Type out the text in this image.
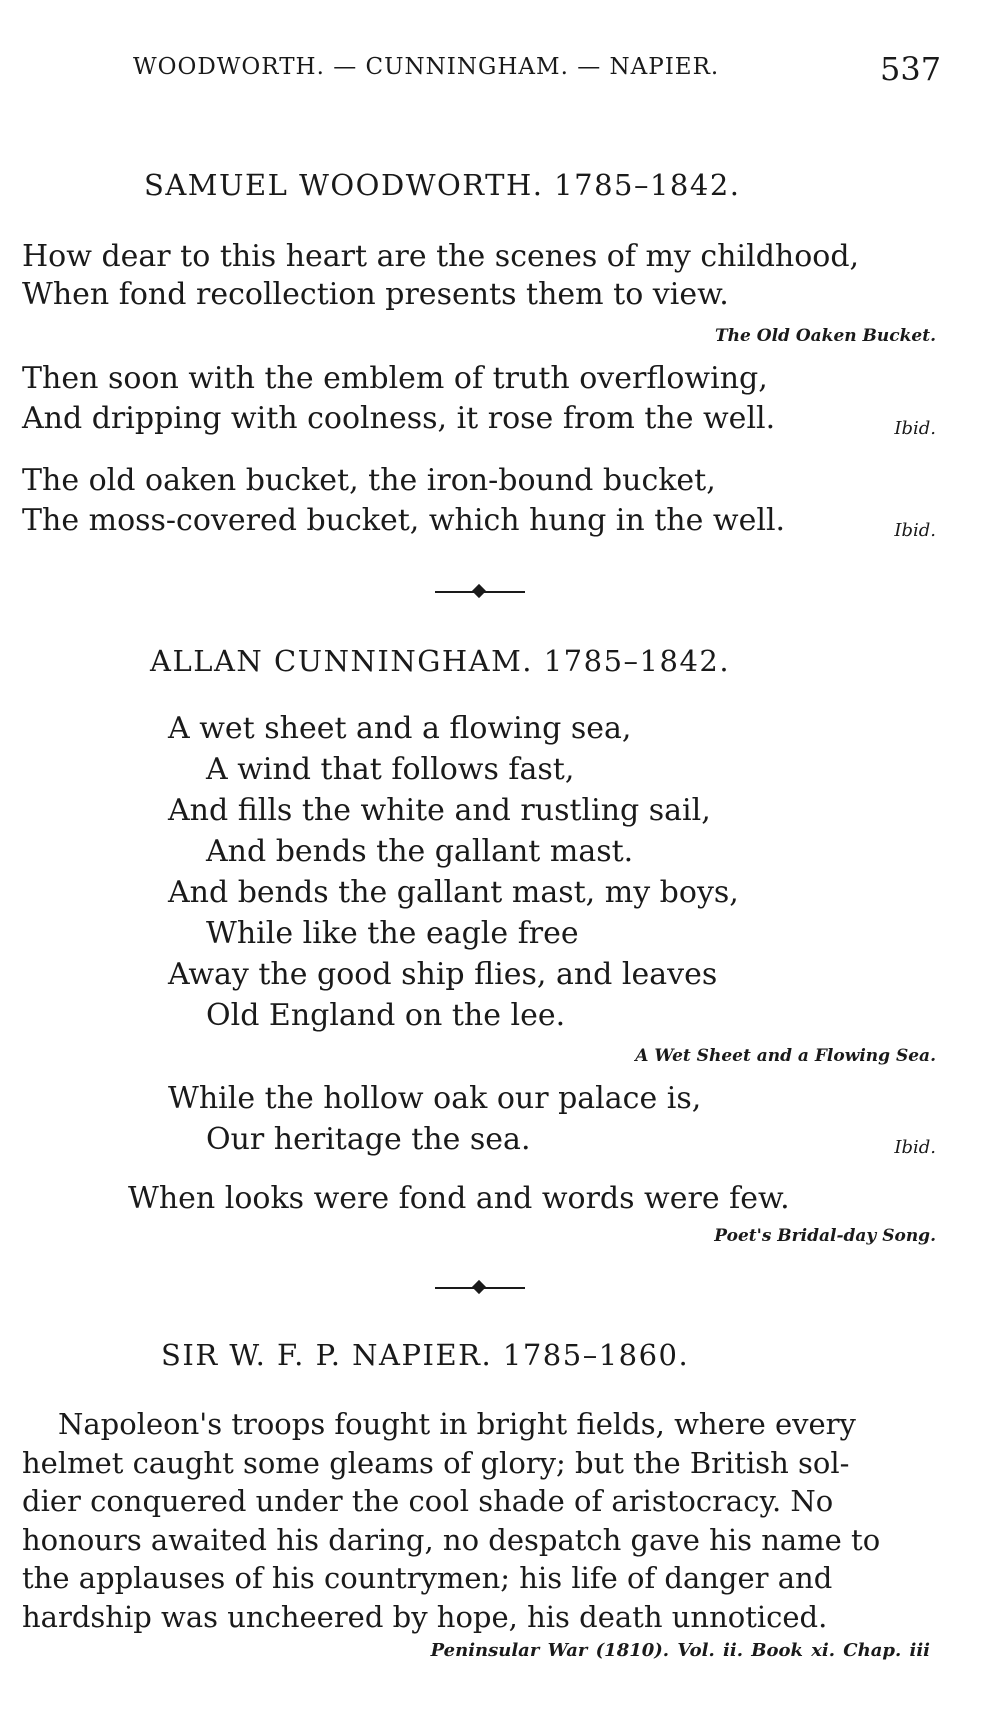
WOODWORTH. — CUNNINGHAM. — NAPIER.	537
SAMUEL WOODWORTH. 1785–1842.
How dear to this heart are the scenes of my childhood,
When fond recollection presents them to view.
The Old Oaken Bucket.
Then soon with the emblem of truth overflowing,
And dripping with coolness, it rose from the well.	Ibid.
The old oaken bucket, the iron-bound bucket,
The moss-covered bucket, which hung in the well.	Ibid.
ALLAN CUNNINGHAM. 1785–1842.
A wet sheet and a flowing sea,
A wind that follows fast,
And fills the white and rustling sail,
And bends the gallant mast.
And bends the gallant mast, my boys,
While like the eagle free
Away the good ship flies, and leaves
Old England on the lee.
A Wet Sheet and a Flowing Sea.
While the hollow oak our palace is,
Our heritage the sea.	Ibid.
When looks were fond and words were few.
Poet's Bridal-day Song.
SIR W. F. P. NAPIER. 1785–1860.
Napoleon's troops fought in bright fields, where every
helmet caught some gleams of glory; but the British sol-
dier conquered under the cool shade of aristocracy. No
honours awaited his daring, no despatch gave his name to
the applauses of his countrymen; his life of danger and
hardship was uncheered by hope, his death unnoticed.
Peninsular War (1810). Vol. ii. Book xi. Chap. iii
